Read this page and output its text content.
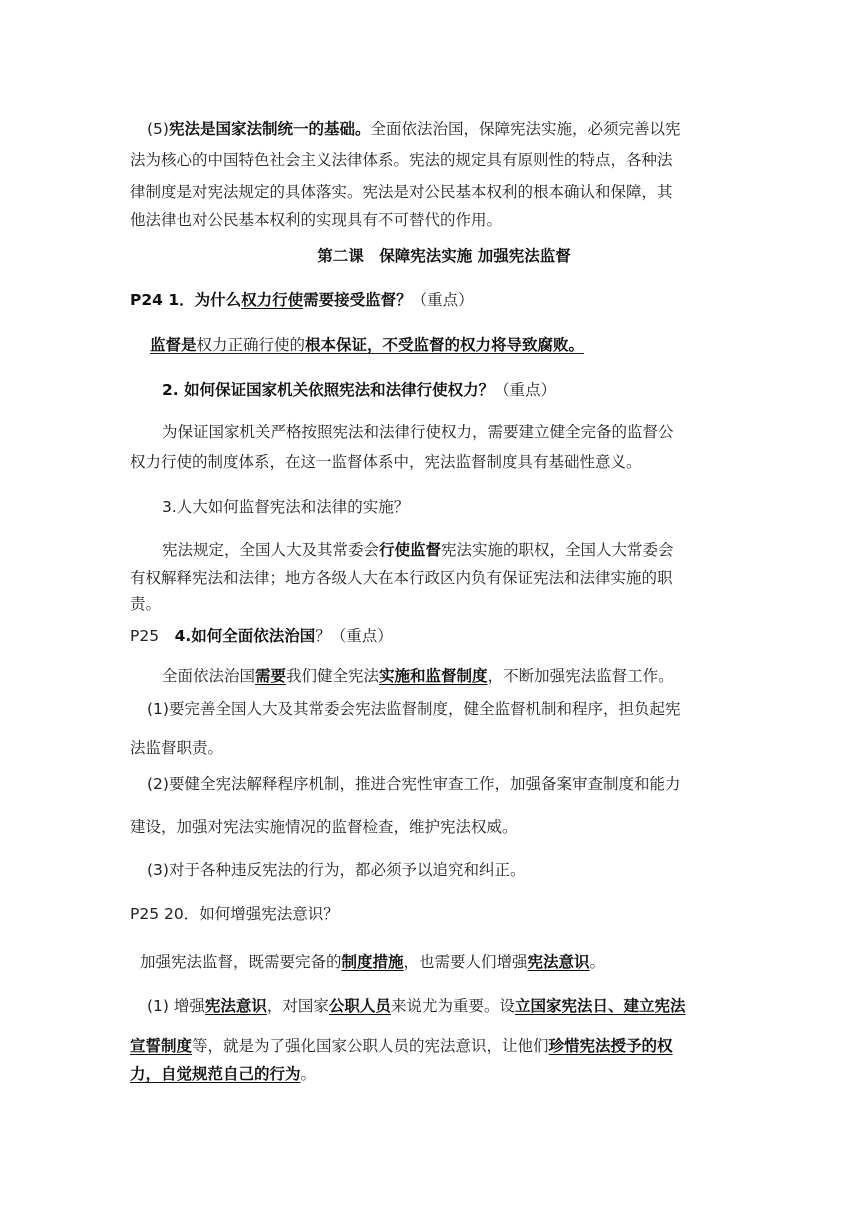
(5)宪法是国家法制统一的基础。全面依法治国，保障宪法实施，必须完善以宪
法为核心的中国特色社会主义法律体系。宪法的规定具有原则性的特点，各种法
律制度是对宪法规定的具体落实。宪法是对公民基本权利的根本确认和保障，其
他法律也对公民基本权利的实现具有不可替代的作用。
第二课　保障宪法实施 加强宪法监督
P24 1．为什么权力行使需要接受监督？（重点）
监督是权力正确行使的根本保证，不受监督的权力将导致腐败。
2. 如何保证国家机关依照宪法和法律行使权力？（重点）
为保证国家机关严格按照宪法和法律行使权力，需要建立健全完备的监督公
权力行使的制度体系，在这一监督体系中，宪法监督制度具有基础性意义。
3.人大如何监督宪法和法律的实施？
宪法规定，全国人大及其常委会行使监督宪法实施的职权，全国人大常委会
有权解释宪法和法律；地方各级人大在本行政区内负有保证宪法和法律实施的职
责。
P25　4.如何全面依法治国？（重点）
全面依法治国需要我们健全宪法实施和监督制度，不断加强宪法监督工作。
(1)要完善全国人大及其常委会宪法监督制度，健全监督机制和程序，担负起宪
法监督职责。
(2)要健全宪法解释程序机制，推进合宪性审查工作，加强备案审查制度和能力
建设，加强对宪法实施情况的监督检查，维护宪法权威。
(3)对于各种违反宪法的行为，都必须予以追究和纠正。
P25 20．如何增强宪法意识？
加强宪法监督，既需要完备的制度措施，也需要人们增强宪法意识。
(1) 增强宪法意识，对国家公职人员来说尤为重要。设立国家宪法日、建立宪法
宣誓制度等，就是为了强化国家公职人员的宪法意识，让他们珍惜宪法授予的权
力，自觉规范自己的行为。
